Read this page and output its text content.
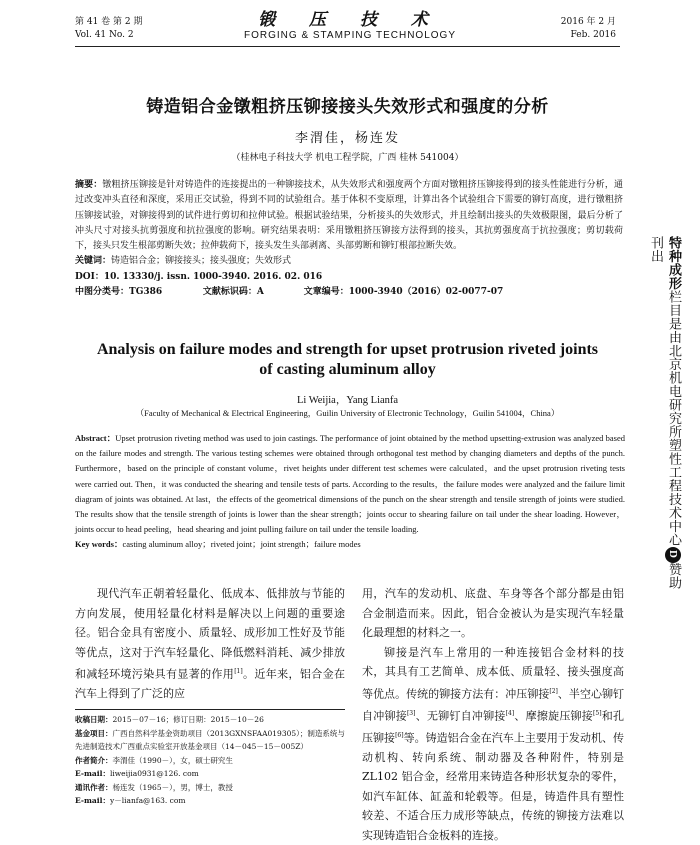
第 41 卷 第 2 期
Vol. 41 No. 2
锻 压 技 术
FORGING & STAMPING TECHNOLOGY
2016 年 2 月
Feb. 2016
铸造铝合金镦粗挤压铆接接头失效形式和强度的分析
李渭佳，杨连发
（桂林电子科技大学 机电工程学院，广西 桂林 541004）
摘要：镦粗挤压铆接是针对铸造件的连接提出的一种铆接技术，从失效形式和强度两个方面对镦粗挤压铆接得到的接头性能进行分析，通过改变冲头直径和深度，采用正交试验，得到不同的试验组合。基于体积不变原理，计算出各个试验组合下需要的铆钉高度，进行镦粗挤压铆接试验，对铆接得到的试件进行剪切和拉伸试验。根据试验结果，分析接头的失效形式，并且绘制出接头的失效极限图，最后分析了冲头尺寸对接头抗剪强度和抗拉强度的影响。研究结果表明：采用镦粗挤压铆接方法得到的接头，其抗剪强度高于抗拉强度；剪切载荷下，接头只发生根部剪断失效；拉伸载荷下，接头发生头部剥离、头部剪断和铆钉根部拉断失效。
关键词：铸造铝合金；铆接接头；接头强度；失效形式
DOI：10. 13330/j. issn. 1000-3940. 2016. 02. 016
中图分类号：TG386	文献标识码：A	文章编号：1000-3940（2016）02-0077-07
Analysis on failure modes and strength for upset protrusion riveted joints of casting aluminum alloy
Li Weijia，Yang Lianfa
（Faculty of Mechanical & Electrical Engineering，Guilin University of Electronic Technology，Guilin 541004，China）
Abstract：Upset protrusion riveting method was used to join castings. The performance of joint obtained by the method upsetting-extrusion was analyzed based on the failure modes and strength. The various testing schemes were obtained through orthogonal test method by changing diameters and depths of the punch. Furthermore，based on the principle of constant volume，rivet heights under different test schemes were calculated，and the upset protrusion riveting tests were carried out. Then，it was conducted the shearing and tensile tests of parts. According to the results，the failure modes were analyzed and the failure limit diagram of joints was obtained. At last，the effects of the geometrical dimensions of the punch on the shear strength and tensile strength of joints were studied. The results show that the tensile strength of joints is lower than the shear strength；joints occur to shearing failure on tail under the shear loading. However，joints occur to head peeling，head shearing and joint pulling failure on tail under the tensile loading.
Key words：casting aluminum alloy；riveted joint；joint strength；failure modes
现代汽车正朝着轻量化、低成本、低排放与节能的方向发展，使用轻量化材料是解决以上问题的重要途径。铝合金具有密度小、质量轻、成形加工性好及节能等优点，这对于汽车轻量化、降低燃料消耗、减少排放和减轻环境污染具有显著的作用[1]。近年来，铝合金在汽车上得到了广泛的应
用，汽车的发动机、底盘、车身等各个部分都是由铝合金制造而来。因此，铝合金被认为是实现汽车轻量化最理想的材料之一。
铆接是汽车上常用的一种连接铝合金材料的技术，其具有工艺简单、成本低、质量轻、接头强度高等优点。传统的铆接方法有：冲压铆接[2]、半空心铆钉自冲铆接[3]、无铆钉自冲铆接[4]、摩擦旋压铆接[5]和孔压铆接[6]等。铸造铝合金在汽车上主要用于发动机、传动机构、转向系统、制动器及各种附件，特别是 ZL102 铝合金，经常用来铸造各种形状复杂的零件，如汽车缸体、缸盖和轮毂等。但是，铸造件具有塑性较差、不适合压力成形等缺点，传统的铆接方法难以实现铸造铝合金板料的连接。
收稿日期：2015－07－16；修订日期：2015－10－26
基金项目：广西自然科学基金资助项目（2013GXNSFAA019305）；制造系统与先进制造技术广西重点实验室开放基金项目（14－045－15－005Z）
作者简介：李渭佳（1990－），女，硕士研究生
E-mail：liweijia0931@126. com
通讯作者：杨连发（1965－），男，博士，教授
E-mail：y－lianfa@163. com
特种成形栏目是由北京机电研究所塑性工程技术中心D赞助刊出
